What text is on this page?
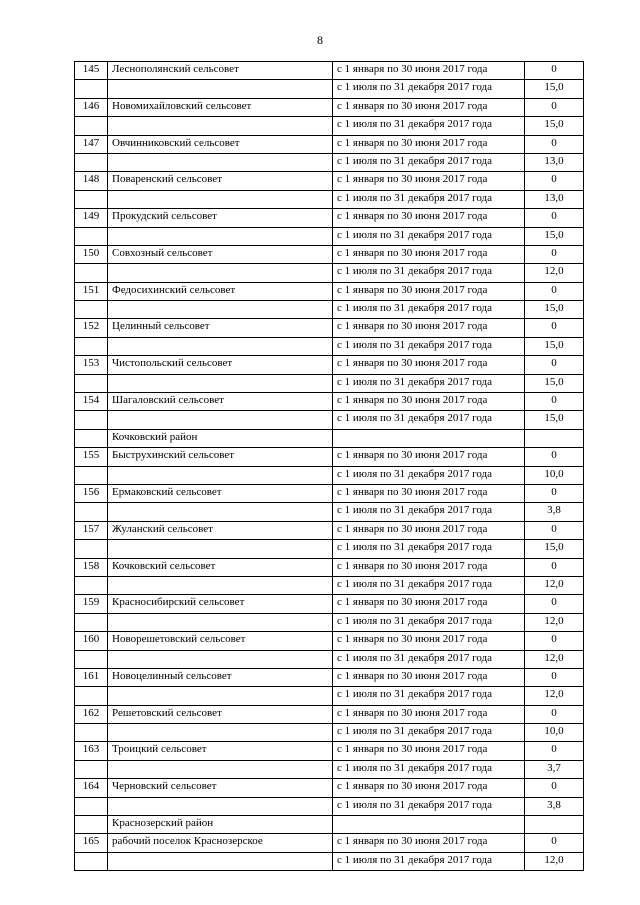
8
145	Леснополянский сельсовет	с 1 января по 30 июня 2017 года	0
		с 1 июля по 31 декабря 2017 года	15,0
146	Новомихайловский сельсовет	с 1 января по 30 июня 2017 года	0
		с 1 июля по 31 декабря 2017 года	15,0
147	Овчинниковский сельсовет	с 1 января по 30 июня 2017 года	0
		с 1 июля по 31 декабря 2017 года	13,0
148	Поваренский сельсовет	с 1 января по 30 июня 2017 года	0
		с 1 июля по 31 декабря 2017 года	13,0
149	Прокудский сельсовет	с 1 января по 30 июня 2017 года	0
		с 1 июля по 31 декабря 2017 года	15,0
150	Совхозный сельсовет	с 1 января по 30 июня 2017 года	0
		с 1 июля по 31 декабря 2017 года	12,0
151	Федосихинский сельсовет	с 1 января по 30 июня 2017 года	0
		с 1 июля по 31 декабря 2017 года	15,0
152	Целинный сельсовет	с 1 января по 30 июня 2017 года	0
		с 1 июля по 31 декабря 2017 года	15,0
153	Чистопольский сельсовет	с 1 января по 30 июня 2017 года	0
		с 1 июля по 31 декабря 2017 года	15,0
154	Шагаловский сельсовет	с 1 января по 30 июня 2017 года	0
		с 1 июля по 31 декабря 2017 года	15,0
	Кочковский район		
155	Быструхинский сельсовет	с 1 января по 30 июня 2017 года	0
		с 1 июля по 31 декабря 2017 года	10,0
156	Ермаковский сельсовет	с 1 января по 30 июня 2017 года	0
		с 1 июля по 31 декабря 2017 года	3,8
157	Жуланский сельсовет	с 1 января по 30 июня 2017 года	0
		с 1 июля по 31 декабря 2017 года	15,0
158	Кочковский сельсовет	с 1 января по 30 июня 2017 года	0
		с 1 июля по 31 декабря 2017 года	12,0
159	Красносибирский сельсовет	с 1 января по 30 июня 2017 года	0
		с 1 июля по 31 декабря 2017 года	12,0
160	Новорешетовский сельсовет	с 1 января по 30 июня 2017 года	0
		с 1 июля по 31 декабря 2017 года	12,0
161	Новоцелинный сельсовет	с 1 января по 30 июня 2017 года	0
		с 1 июля по 31 декабря 2017 года	12,0
162	Решетовский сельсовет	с 1 января по 30 июня 2017 года	0
		с 1 июля по 31 декабря 2017 года	10,0
163	Троицкий сельсовет	с 1 января по 30 июня 2017 года	0
		с 1 июля по 31 декабря 2017 года	3,7
164	Черновский сельсовет	с 1 января по 30 июня 2017 года	0
		с 1 июля по 31 декабря 2017 года	3,8
	Краснозерский район		
165	рабочий поселок Краснозерское	с 1 января по 30 июня 2017 года	0
		с 1 июля по 31 декабря 2017 года	12,0
